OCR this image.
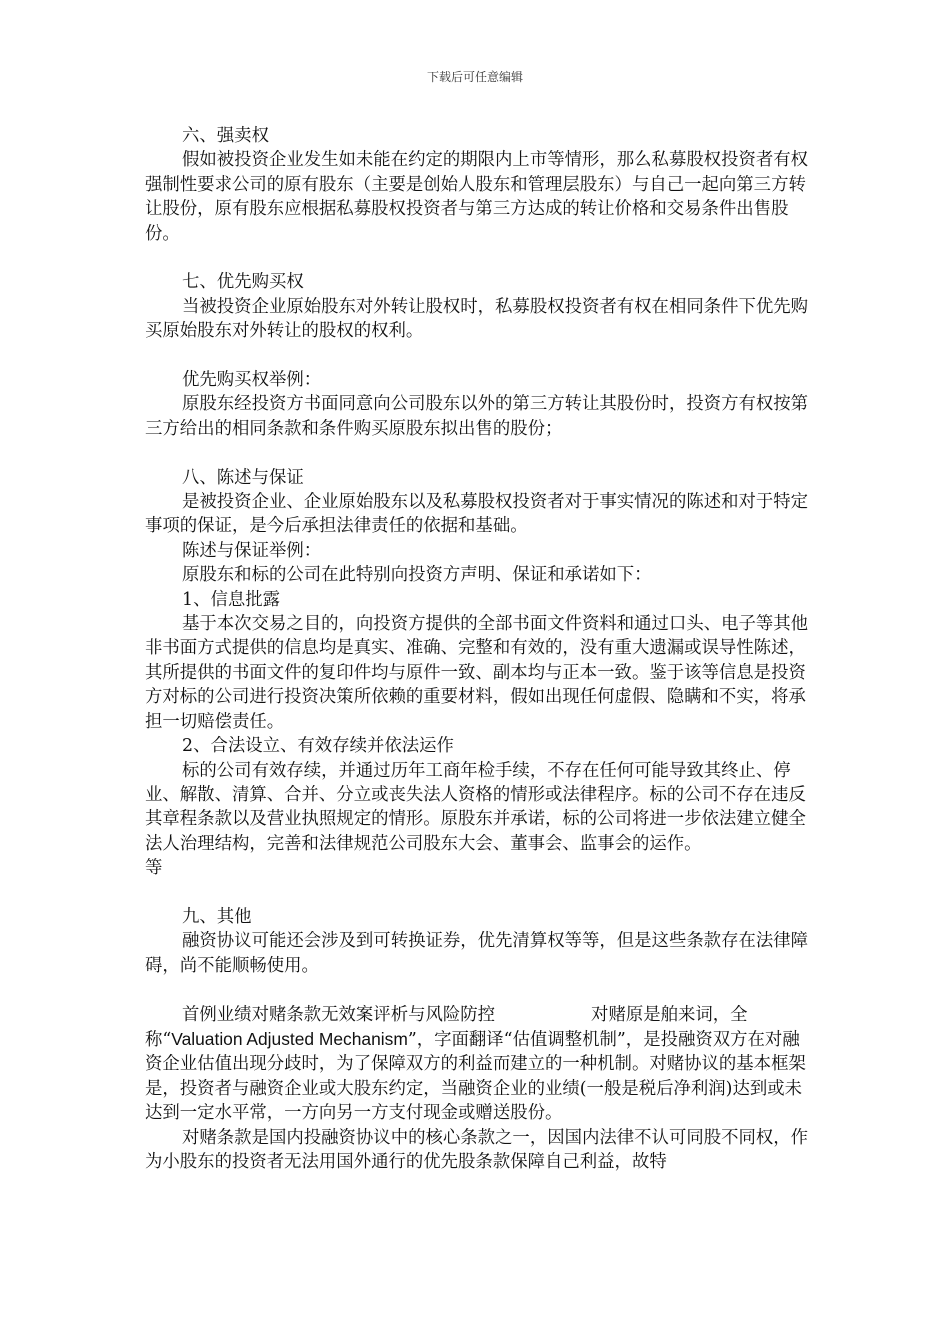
下载后可任意编辑

六、强卖权

假如被投资企业发生如未能在约定的期限内上市等情形，那么私募股权投资者有权强制性要求公司的原有股东（主要是创始人股东和管理层股东）与自己一起向第三方转让股份，原有股东应根据私募股权投资者与第三方达成的转让价格和交易条件出售股份。

七、优先购买权

当被投资企业原始股东对外转让股权时，私募股权投资者有权在相同条件下优先购买原始股东对外转让的股权的权利。

优先购买权举例：

原股东经投资方书面同意向公司股东以外的第三方转让其股份时，投资方有权按第三方给出的相同条款和条件购买原股东拟出售的股份；

八、陈述与保证

是被投资企业、企业原始股东以及私募股权投资者对于事实情况的陈述和对于特定事项的保证，是今后承担法律责任的依据和基础。

陈述与保证举例：

原股东和标的公司在此特别向投资方声明、保证和承诺如下：

1、信息批露

基于本次交易之目的，向投资方提供的全部书面文件资料和通过口头、电子等其他非书面方式提供的信息均是真实、准确、完整和有效的，没有重大遗漏或误导性陈述，其所提供的书面文件的复印件均与原件一致、副本均与正本一致。鉴于该等信息是投资方对标的公司进行投资决策所依赖的重要材料，假如出现任何虚假、隐瞒和不实，将承担一切赔偿责任。

2、合法设立、有效存续并依法运作

标的公司有效存续，并通过历年工商年检手续，不存在任何可能导致其终止、停业、解散、清算、合并、分立或丧失法人资格的情形或法律程序。标的公司不存在违反其章程条款以及营业执照规定的情形。原股东并承诺，标的公司将进一步依法建立健全法人治理结构，完善和法律规范公司股东大会、董事会、监事会的运作。

等

九、其他

融资协议可能还会涉及到可转换证券，优先清算权等等，但是这些条款存在法律障碍，尚不能顺畅使用。

首例业绩对赌条款无效案评析与风险防控	对赌原是舶来词，全称“Valuation Adjusted Mechanism”，字面翻译“估值调整机制”，是投融资双方在对融资企业估值出现分歧时，为了保障双方的利益而建立的一种机制。对赌协议的基本框架是，投资者与融资企业或大股东约定，当融资企业的业绩(一般是税后净利润)达到或未达到一定水平常，一方向另一方支付现金或赠送股份。

对赌条款是国内投融资协议中的核心条款之一，因国内法律不认可同股不同权，作为小股东的投资者无法用国外通行的优先股条款保障自己利益，故特
